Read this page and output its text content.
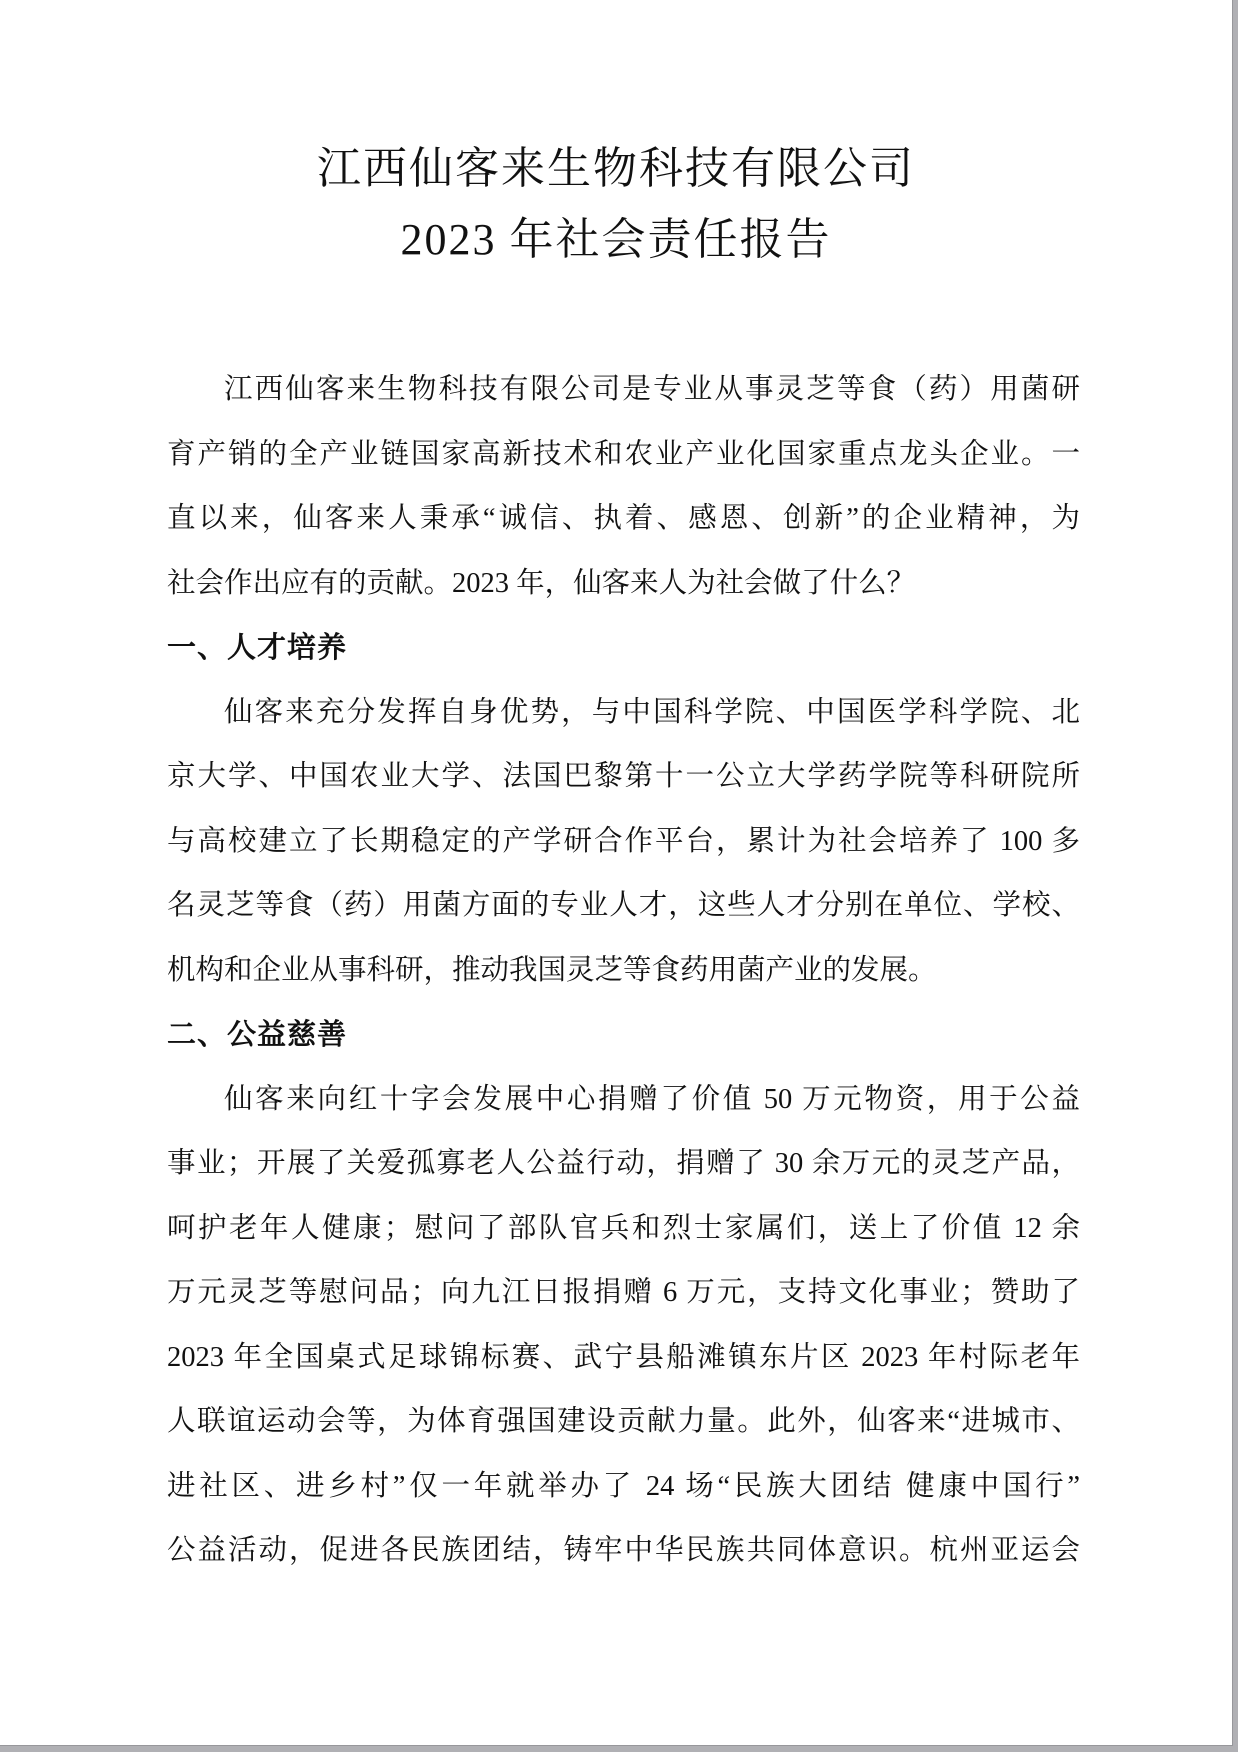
江西仙客来生物科技有限公司
2023 年社会责任报告
江西仙客来生物科技有限公司是专业从事灵芝等食（药）用菌研
育产销的全产业链国家高新技术和农业产业化国家重点龙头企业。一
直以来，仙客来人秉承“诚信、执着、感恩、创新”的企业精神，为
社会作出应有的贡献。2023 年，仙客来人为社会做了什么？
一、人才培养
仙客来充分发挥自身优势，与中国科学院、中国医学科学院、北
京大学、中国农业大学、法国巴黎第十一公立大学药学院等科研院所
与高校建立了长期稳定的产学研合作平台，累计为社会培养了 100 多
名灵芝等食（药）用菌方面的专业人才，这些人才分别在单位、学校、
机构和企业从事科研，推动我国灵芝等食药用菌产业的发展。
二、公益慈善
仙客来向红十字会发展中心捐赠了价值 50 万元物资，用于公益
事业；开展了关爱孤寡老人公益行动，捐赠了 30 余万元的灵芝产品，
呵护老年人健康；慰问了部队官兵和烈士家属们，送上了价值 12 余
万元灵芝等慰问品；向九江日报捐赠 6 万元，支持文化事业；赞助了
2023 年全国桌式足球锦标赛、武宁县船滩镇东片区 2023 年村际老年
人联谊运动会等，为体育强国建设贡献力量。此外，仙客来“进城市、
进社区、进乡村”仅一年就举办了 24 场“民族大团结 健康中国行”
公益活动，促进各民族团结，铸牢中华民族共同体意识。杭州亚运会
